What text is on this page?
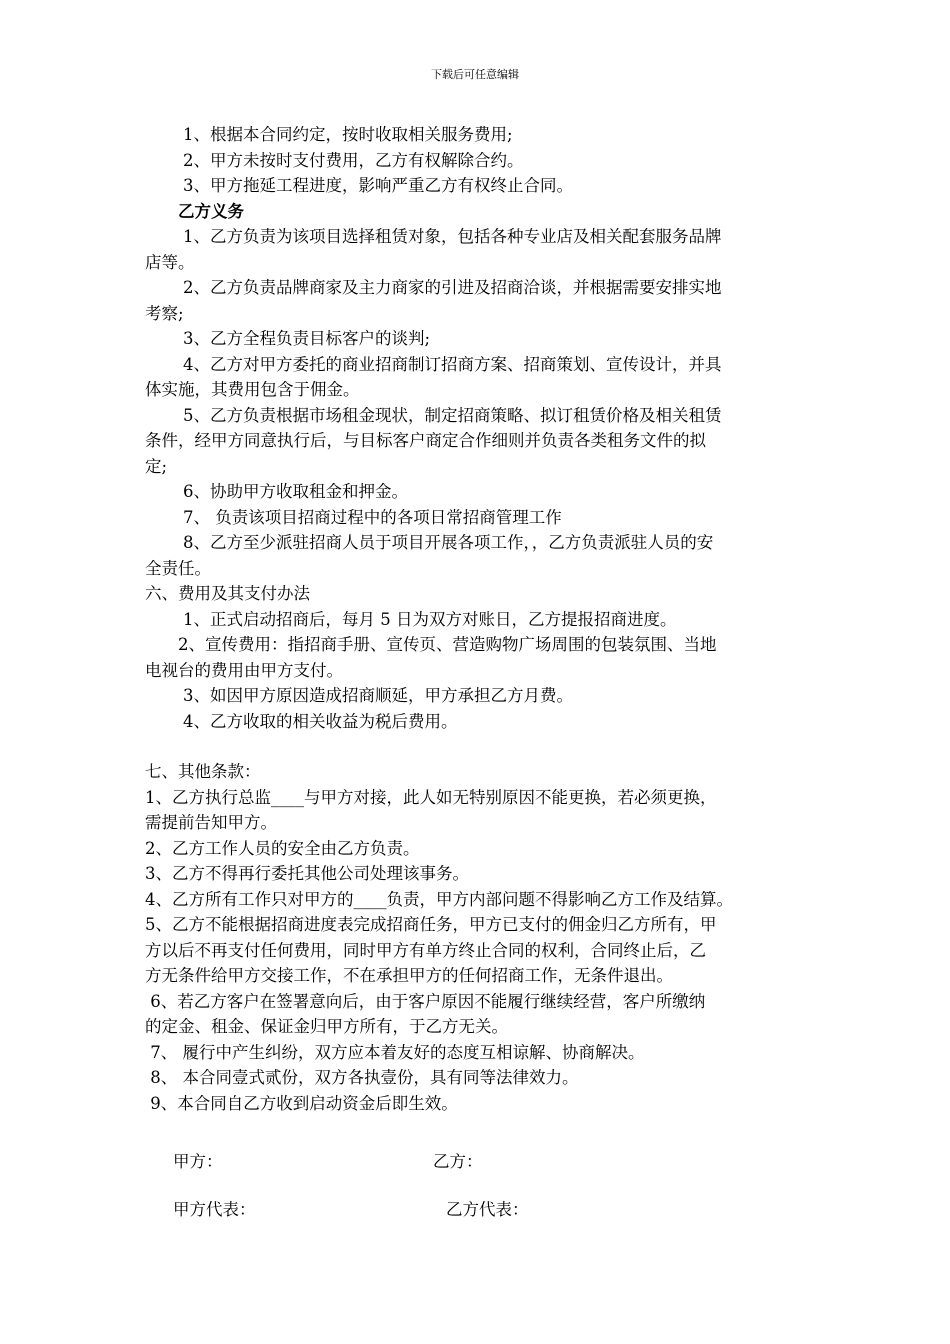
下载后可任意编辑
1、根据本合同约定，按时收取相关服务费用;
2、甲方未按时支付费用，乙方有权解除合约。
3、甲方拖延工程进度，影响严重乙方有权终止合同。
乙方义务
1、乙方负责为该项目选择租赁对象，包括各种专业店及相关配套服务品牌
店等。
2、乙方负责品牌商家及主力商家的引进及招商洽谈，并根据需要安排实地
考察;
3、乙方全程负责目标客户的谈判;
4、乙方对甲方委托的商业招商制订招商方案、招商策划、宣传设计，并具
体实施，其费用包含于佣金。
5、乙方负责根据市场租金现状，制定招商策略、拟订租赁价格及相关租赁
条件，经甲方同意执行后，与目标客户商定合作细则并负责各类租务文件的拟
定;
6、协助甲方收取租金和押金。
7、 负责该项目招商过程中的各项日常招商管理工作
8、乙方至少派驻招商人员于项目开展各项工作，，乙方负责派驻人员的安
全责任。
六、费用及其支付办法
1、正式启动招商后，每月 5 日为双方对账日，乙方提报招商进度。
2、宣传费用：指招商手册、宣传页、营造购物广场周围的包装氛围、当地
电视台的费用由甲方支付。
3、如因甲方原因造成招商顺延，甲方承担乙方月费。
4、乙方收取的相关收益为税后费用。
七、其他条款：
1、乙方执行总监____与甲方对接，此人如无特别原因不能更换，若必须更换，
需提前告知甲方。
2、乙方工作人员的安全由乙方负责。
3、乙方不得再行委托其他公司处理该事务。
4、乙方所有工作只对甲方的____负责，甲方内部问题不得影响乙方工作及结算。
5、乙方不能根据招商进度表完成招商任务，甲方已支付的佣金归乙方所有，甲
方以后不再支付任何费用，同时甲方有单方终止合同的权利，合同终止后，乙
方无条件给甲方交接工作，不在承担甲方的任何招商工作，无条件退出。
6、若乙方客户在签署意向后，由于客户原因不能履行继续经营，客户所缴纳
的定金、租金、保证金归甲方所有，于乙方无关。
7、 履行中产生纠纷，双方应本着友好的态度互相谅解、协商解决。
8、 本合同壹式贰份，双方各执壹份，具有同等法律效力。
9、本合同自乙方收到启动资金后即生效。
甲方：	乙方：
甲方代表：	乙方代表：
